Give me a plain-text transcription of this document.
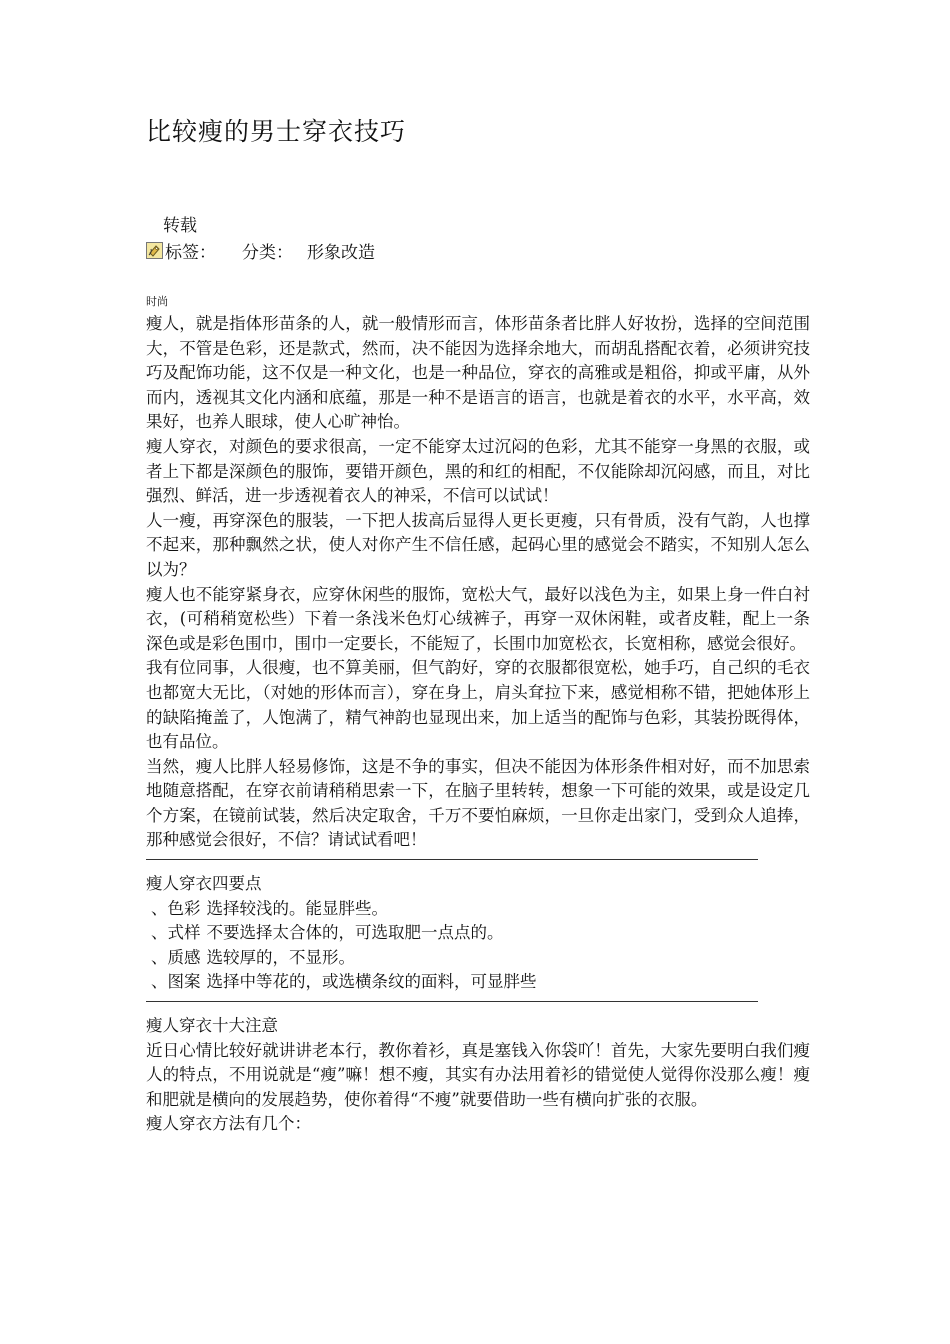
比较瘦的男士穿衣技巧
转载
标签： 分类： 形象改造
时尚

瘦人，就是指体形苗条的人，就一般情形而言，体形苗条者比胖人好妆扮，选择的空间范围大，不管是色彩，还是款式，然而，决不能因为选择余地大，而胡乱搭配衣着，必须讲究技巧及配饰功能，这不仅是一种文化，也是一种品位，穿衣的高雅或是粗俗，抑或平庸，从外而内，透视其文化内涵和底蕴，那是一种不是语言的语言，也就是着衣的水平，水平高，效果好，也养人眼球，使人心旷神怡。

瘦人穿衣，对颜色的要求很高，一定不能穿太过沉闷的色彩，尤其不能穿一身黑的衣服，或者上下都是深颜色的服饰，要错开颜色，黑的和红的相配，不仅能除却沉闷感，而且，对比强烈、鲜活，进一步透视着衣人的神采，不信可以试试！

人一瘦，再穿深色的服装，一下把人拔高后显得人更长更瘦，只有骨质，没有气韵，人也撑不起来，那种飘然之状，使人对你产生不信任感，起码心里的感觉会不踏实，不知别人怎么以为？

瘦人也不能穿紧身衣，应穿休闲些的服饰，宽松大气，最好以浅色为主，如果上身一件白衬衣，(可稍稍宽松些）下着一条浅米色灯心绒裤子，再穿一双休闲鞋，或者皮鞋，配上一条深色或是彩色围巾，围巾一定要长，不能短了，长围巾加宽松衣，长宽相称，感觉会很好。

我有位同事，人很瘦，也不算美丽，但气韵好，穿的衣服都很宽松，她手巧，自己织的毛衣也都宽大无比，（对她的形体而言），穿在身上，肩头耷拉下来，感觉相称不错，把她体形上的缺陷掩盖了，人饱满了，精气神韵也显现出来，加上适当的配饰与色彩，其装扮既得体，也有品位。

当然，瘦人比胖人轻易修饰，这是不争的事实，但决不能因为体形条件相对好，而不加思索地随意搭配，在穿衣前请稍稍思索一下，在脑子里转转，想象一下可能的效果，或是设定几个方案，在镜前试装，然后决定取舍，千万不要怕麻烦，一旦你走出家门，受到众人追捧，那种感觉会很好，不信？请试试看吧！

瘦人穿衣四要点

、色彩 选择较浅的。能显胖些。

、式样 不要选择太合体的，可选取肥一点点的。

、质感 选较厚的，不显形。

、图案 选择中等花的，或选横条纹的面料，可显胖些

瘦人穿衣十大注意

近日心情比较好就讲讲老本行，教你着衫，真是塞钱入你袋吖！首先，大家先要明白我们瘦人的特点，不用说就是“瘦”嘛！想不瘦，其实有办法用着衫的错觉使人觉得你没那么瘦！瘦和肥就是横向的发展趋势，使你着得“不瘦”就要借助一些有横向扩张的衣服。

瘦人穿衣方法有几个：
